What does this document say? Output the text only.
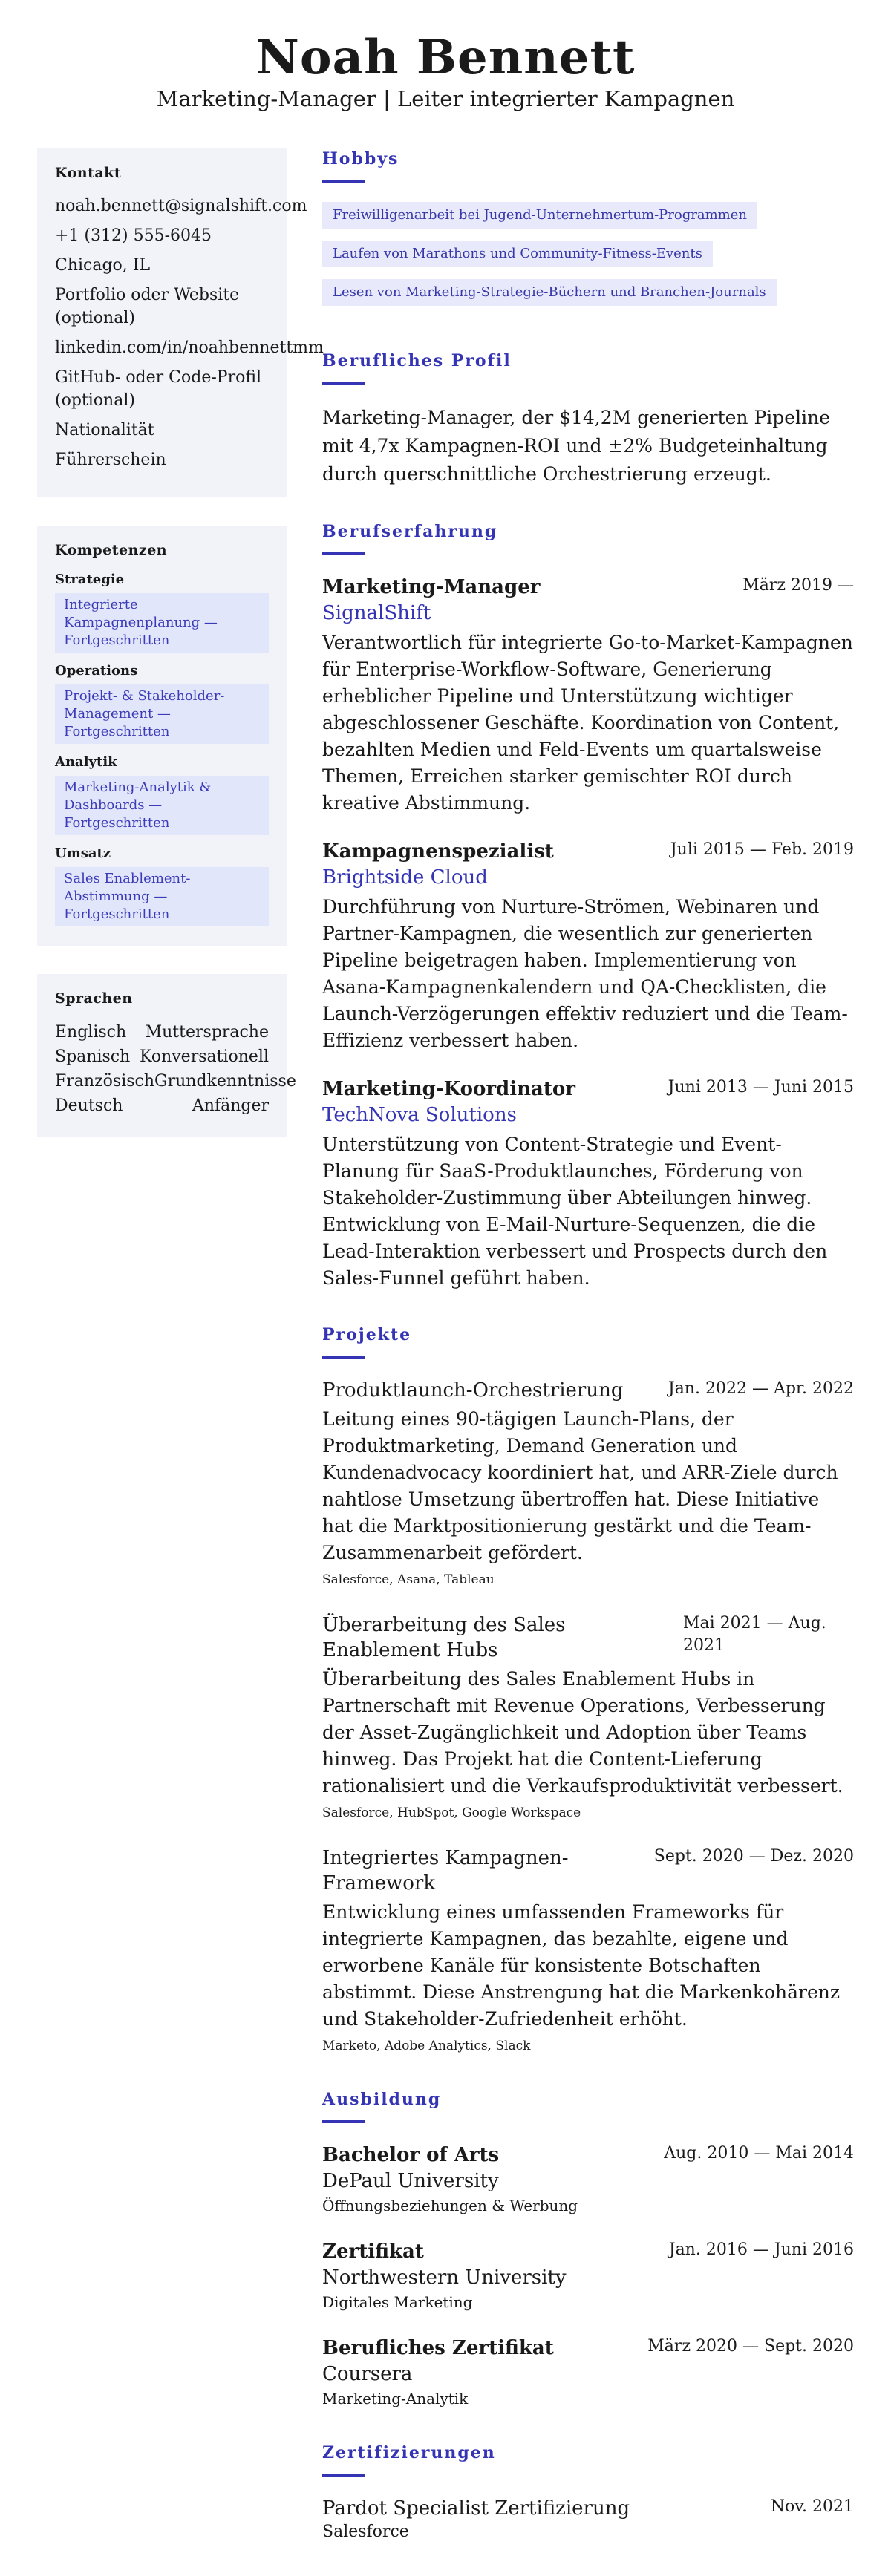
Noah Bennett

Marketing-Manager | Leiter integrierter Kampagnen

Kontakt
noah.bennett@signalshift.com
+1 (312) 555-6045
Chicago, IL
Portfolio oder Website (optional)
linkedin.com/in/noahbennettmm
GitHub- oder Code-Profil (optional)
Nationalität
Führerschein
Kompetenzen
Strategie
Integrierte Kampagnenplanung — Fortgeschritten
Operations
Projekt- & Stakeholder-Management — Fortgeschritten
Analytik
Marketing-Analytik & Dashboards — Fortgeschritten
Umsatz
Sales Enablement-Abstimmung — Fortgeschritten
Sprachen
Englisch Muttersprache
Spanisch Konversationell
Französisch Grundkenntnisse
Deutsch	Anfänger
Hobbys
Freiwilligenarbeit bei Jugend-Unternehmertum-Programmen
Laufen von Marathons und Community-Fitness-Events
Lesen von Marketing-Strategie-Büchern und Branchen-Journals
Berufliches Profil

Marketing-Manager, der $14,2M generierten Pipeline mit 4,7x Kampagnen-ROI und ±2% Budgeteinhaltung durch querschnittliche Orchestrierung erzeugt.

Berufserfahrung
Marketing-Manager	März 2019 —
SignalShift

Verantwortlich für integrierte Go-to-Market-Kampagnen für Enterprise-Workflow-Software, Generierung erheblicher Pipeline und Unterstützung wichtiger abgeschlossener Geschäfte. Koordination von Content, bezahlten Medien und Feld-Events um quartalsweise Themen, Erreichen starker gemischter ROI durch kreative Abstimmung.

Kampagnenspezialist	Juli 2015 — Feb. 2019
Brightside Cloud

Durchführung von Nurture-Strömen, Webinaren und Partner-Kampagnen, die wesentlich zur generierten Pipeline beigetragen haben. Implementierung von Asana-Kampagnenkalendern und QA-Checklisten, die Launch-Verzögerungen effektiv reduziert und die Team-Effizienz verbessert haben.

Marketing-Koordinator	Juni 2013 — Juni 2015
TechNova Solutions

Unterstützung von Content-Strategie und Event-Planung für SaaS-Produktlaunches, Förderung von Stakeholder-Zustimmung über Abteilungen hinweg. Entwicklung von E-Mail-Nurture-Sequenzen, die die Lead-Interaktion verbessert und Prospects durch den Sales-Funnel geführt haben.

Projekte
Produktlaunch-Orchestrierung	Jan. 2022 — Apr. 2022

Leitung eines 90-tägigen Launch-Plans, der Produktmarketing, Demand Generation und Kundenadvocacy koordiniert hat, und ARR-Ziele durch nahtlose Umsetzung übertroffen hat. Diese Initiative hat die Marktpositionierung gestärkt und die Team-Zusammenarbeit gefördert.

Salesforce, Asana, Tableau
Überarbeitung des Sales Enablement Hubs
Mai 2021 — Aug. 2021

Überarbeitung des Sales Enablement Hubs in Partnerschaft mit Revenue Operations, Verbesserung der Asset-Zugänglichkeit und Adoption über Teams hinweg. Das Projekt hat die Content-Lieferung rationalisiert und die Verkaufsproduktivität verbessert.

Salesforce, HubSpot, Google Workspace
Integriertes Kampagnen-Framework
Sept. 2020 — Dez. 2020

Entwicklung eines umfassenden Frameworks für integrierte Kampagnen, das bezahlte, eigene und erworbene Kanäle für konsistente Botschaften abstimmt. Diese Anstrengung hat die Markenkohärenz und Stakeholder-Zufriedenheit erhöht.

Marketo, Adobe Analytics, Slack
Ausbildung
Bachelor of Arts	Aug. 2010 — Mai 2014
DePaul University
Öffnungsbeziehungen & Werbung
Zertifikat	Jan. 2016 — Juni 2016
Northwestern University
Digitales Marketing
Berufliches Zertifikat	März 2020 — Sept. 2020
Coursera
Marketing-Analytik
Zertifizierungen
Pardot Specialist Zertifizierung	Nov. 2021
Salesforce
